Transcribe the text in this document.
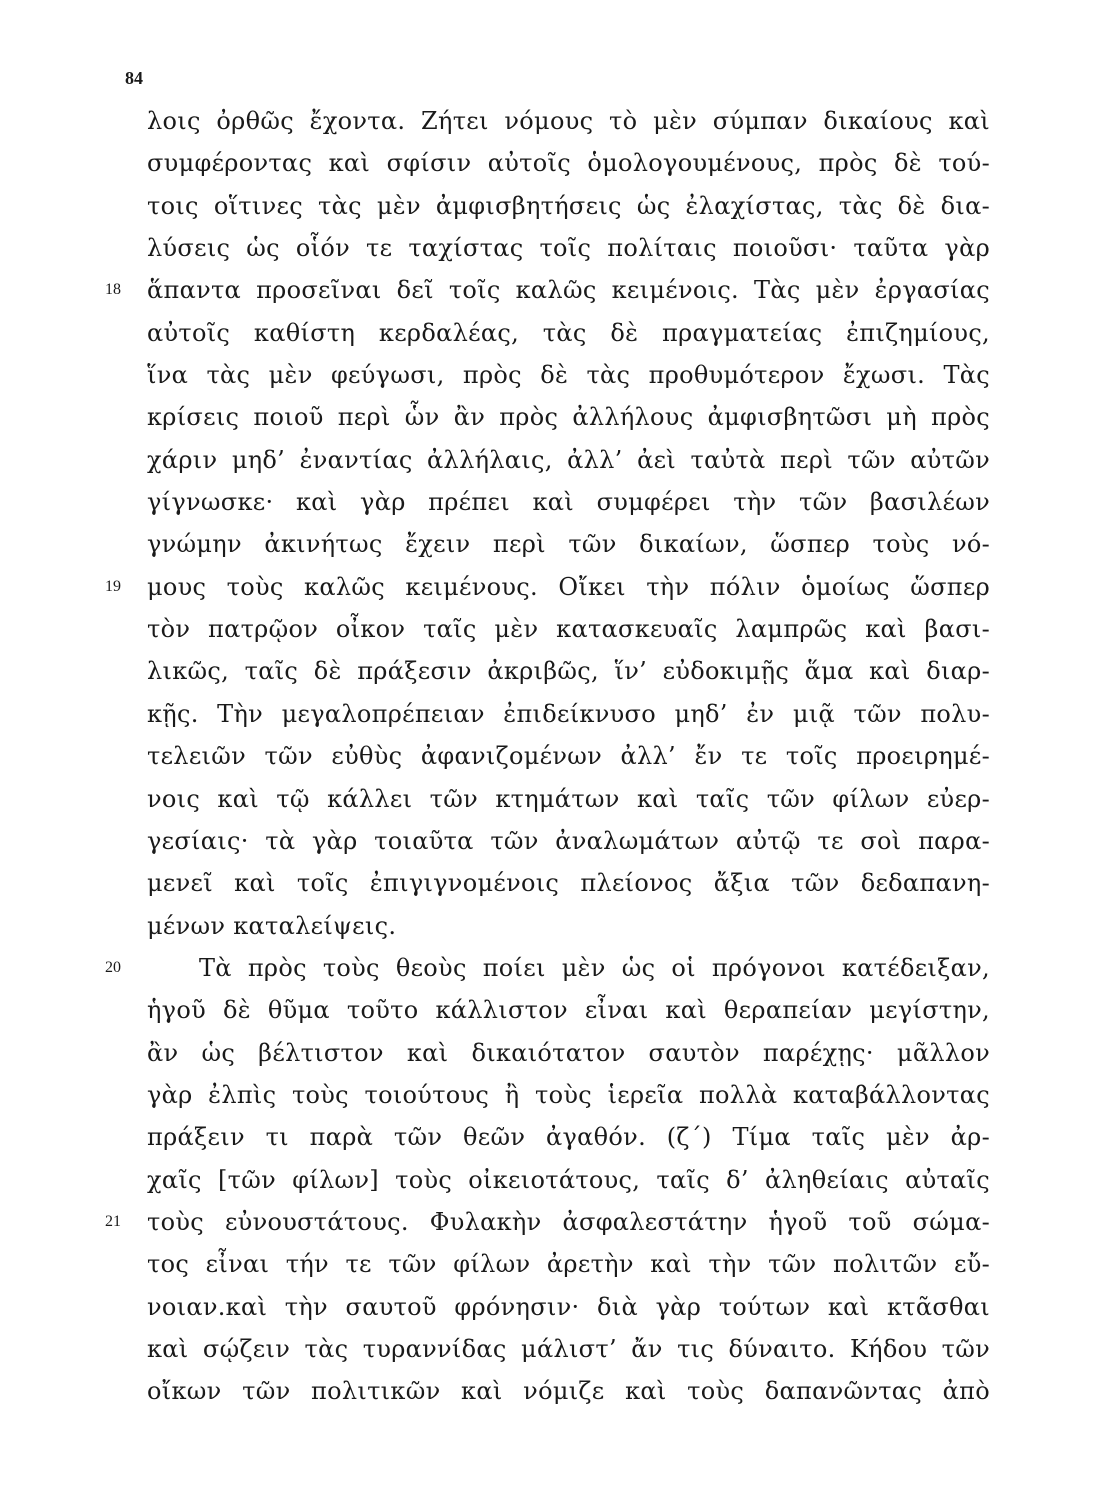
84
λοις ὀρθῶς ἔχοντα. Ζήτει νόμους τὸ μὲν σύμπαν δικαίους καὶ
συμφέροντας καὶ σφίσιν αὐτοῖς ὁμολογουμένους, πρὸς δὲ τού-
τοις οἵτινες τὰς μὲν ἀμφισβητήσεις ὡς ἐλαχίστας, τὰς δὲ δια-
λύσεις ὡς οἷόν τε ταχίστας τοῖς πολίταις ποιοῦσι· ταῦτα γὰρ
18 ἅπαντα προσεῖναι δεῖ τοῖς καλῶς κειμένοις. Τὰς μὲν ἐργασίας
αὐτοῖς καθίστη κερδαλέας, τὰς δὲ πραγματείας ἐπιζημίους,
ἵνα τὰς μὲν φεύγωσι, πρὸς δὲ τὰς προθυμότερον ἔχωσι. Τὰς
κρίσεις ποιοῦ περὶ ὧν ἂν πρὸς ἀλλήλους ἀμφισβητῶσι μὴ πρὸς
χάριν μηδ’ ἐναντίας ἀλλήλαις, ἀλλ’ ἀεὶ ταὐτὰ περὶ τῶν αὐτῶν
γίγνωσκε· καὶ γὰρ πρέπει καὶ συμφέρει τὴν τῶν βασιλέων
γνώμην ἀκινήτως ἔχειν περὶ τῶν δικαίων, ὥσπερ τοὺς νό-
19 μους τοὺς καλῶς κειμένους. Οἴκει τὴν πόλιν ὁμοίως ὥσπερ
τὸν πατρῷον οἶκον ταῖς μὲν κατασκευαῖς λαμπρῶς καὶ βασι-
λικῶς, ταῖς δὲ πράξεσιν ἀκριβῶς, ἵν’ εὐδοκιμῇς ἅμα καὶ διαρ-
κῇς. Τὴν μεγαλοπρέπειαν ἐπιδείκνυσο μηδ’ ἐν μιᾷ τῶν πολυ-
τελειῶν τῶν εὐθὺς ἀφανιζομένων ἀλλ’ ἔν τε τοῖς προειρημέ-
νοις καὶ τῷ κάλλει τῶν κτημάτων καὶ ταῖς τῶν φίλων εὐερ-
γεσίαις· τὰ γὰρ τοιαῦτα τῶν ἀναλωμάτων αὐτῷ τε σοὶ παρα-
μενεῖ καὶ τοῖς ἐπιγιγνομένοις πλείονος ἄξια τῶν δεδαπανη-
μένων καταλείψεις.
20	Τὰ πρὸς τοὺς θεοὺς ποίει μὲν ὡς οἱ πρόγονοι κατέδειξαν,
ἡγοῦ δὲ θῦμα τοῦτο κάλλιστον εἶναι καὶ θεραπείαν μεγίστην,
ἂν ὡς βέλτιστον καὶ δικαιότατον σαυτὸν παρέχῃς· μᾶλλον
γὰρ ἐλπὶς τοὺς τοιούτους ἢ τοὺς ἱερεῖα πολλὰ καταβάλλοντας
πράξειν τι παρὰ τῶν θεῶν ἀγαθόν. (ζ΄) Τίμα ταῖς μὲν ἀρ-
χαῖς [τῶν φίλων] τοὺς οἰκειοτάτους, ταῖς δ’ ἀληθείαις αὐταῖς
21 τοὺς εὐνουστάτους. Φυλακὴν ἀσφαλεστάτην ἡγοῦ τοῦ σώμα-
τος εἶναι τήν τε τῶν φίλων ἀρετὴν καὶ τὴν τῶν πολιτῶν εὔ-
νοιαν.καὶ τὴν σαυτοῦ φρόνησιν· διὰ γὰρ τούτων καὶ κτᾶσθαι
καὶ σῴζειν τὰς τυραννίδας μάλιστ’ ἄν τις δύναιτο. Κήδου τῶν
οἴκων τῶν πολιτικῶν καὶ νόμιζε καὶ τοὺς δαπανῶντας ἀπὸ
